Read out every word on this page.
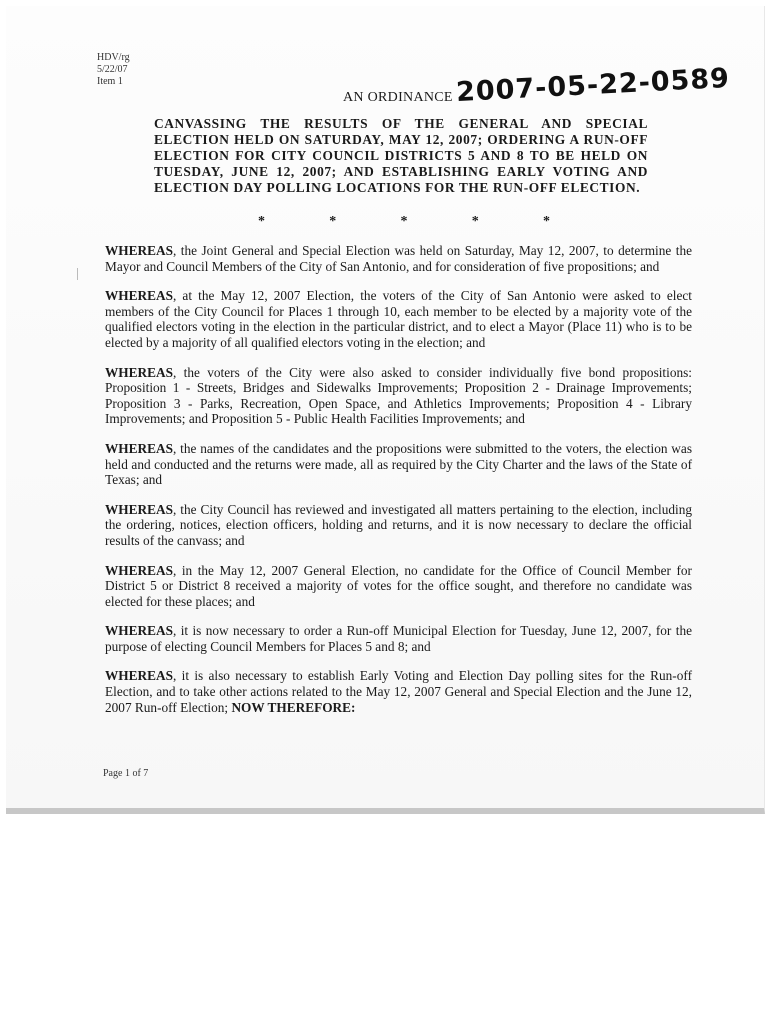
HDV/rg
5/22/07
Item 1
AN ORDINANCE 2007-05-22-0589
CANVASSING THE RESULTS OF THE GENERAL AND SPECIAL ELECTION HELD ON SATURDAY, MAY 12, 2007; ORDERING A RUN-OFF ELECTION FOR CITY COUNCIL DISTRICTS 5 AND 8 TO BE HELD ON TUESDAY, JUNE 12, 2007; AND ESTABLISHING EARLY VOTING AND ELECTION DAY POLLING LOCATIONS FOR THE RUN-OFF ELECTION.
*	*	*	*	*

WHEREAS, the Joint General and Special Election was held on Saturday, May 12, 2007, to determine the Mayor and Council Members of the City of San Antonio, and for consideration of five propositions; and

WHEREAS, at the May 12, 2007 Election, the voters of the City of San Antonio were asked to elect members of the City Council for Places 1 through 10, each member to be elected by a majority vote of the qualified electors voting in the election in the particular district, and to elect a Mayor (Place 11) who is to be elected by a majority of all qualified electors voting in the election; and

WHEREAS, the voters of the City were also asked to consider individually five bond propositions: Proposition 1 - Streets, Bridges and Sidewalks Improvements; Proposition 2 - Drainage Improvements; Proposition 3 - Parks, Recreation, Open Space, and Athletics Improvements; Proposition 4 - Library Improvements; and Proposition 5 - Public Health Facilities Improvements; and

WHEREAS, the names of the candidates and the propositions were submitted to the voters, the election was held and conducted and the returns were made, all as required by the City Charter and the laws of the State of Texas; and

WHEREAS, the City Council has reviewed and investigated all matters pertaining to the election, including the ordering, notices, election officers, holding and returns, and it is now necessary to declare the official results of the canvass; and

WHEREAS, in the May 12, 2007 General Election, no candidate for the Office of Council Member for District 5 or District 8 received a majority of votes for the office sought, and therefore no candidate was elected for these places; and

WHEREAS, it is now necessary to order a Run-off Municipal Election for Tuesday, June 12, 2007, for the purpose of electing Council Members for Places 5 and 8; and

WHEREAS, it is also necessary to establish Early Voting and Election Day polling sites for the Run-off Election, and to take other actions related to the May 12, 2007 General and Special Election and the June 12, 2007 Run-off Election; NOW THEREFORE:

Page 1 of 7
